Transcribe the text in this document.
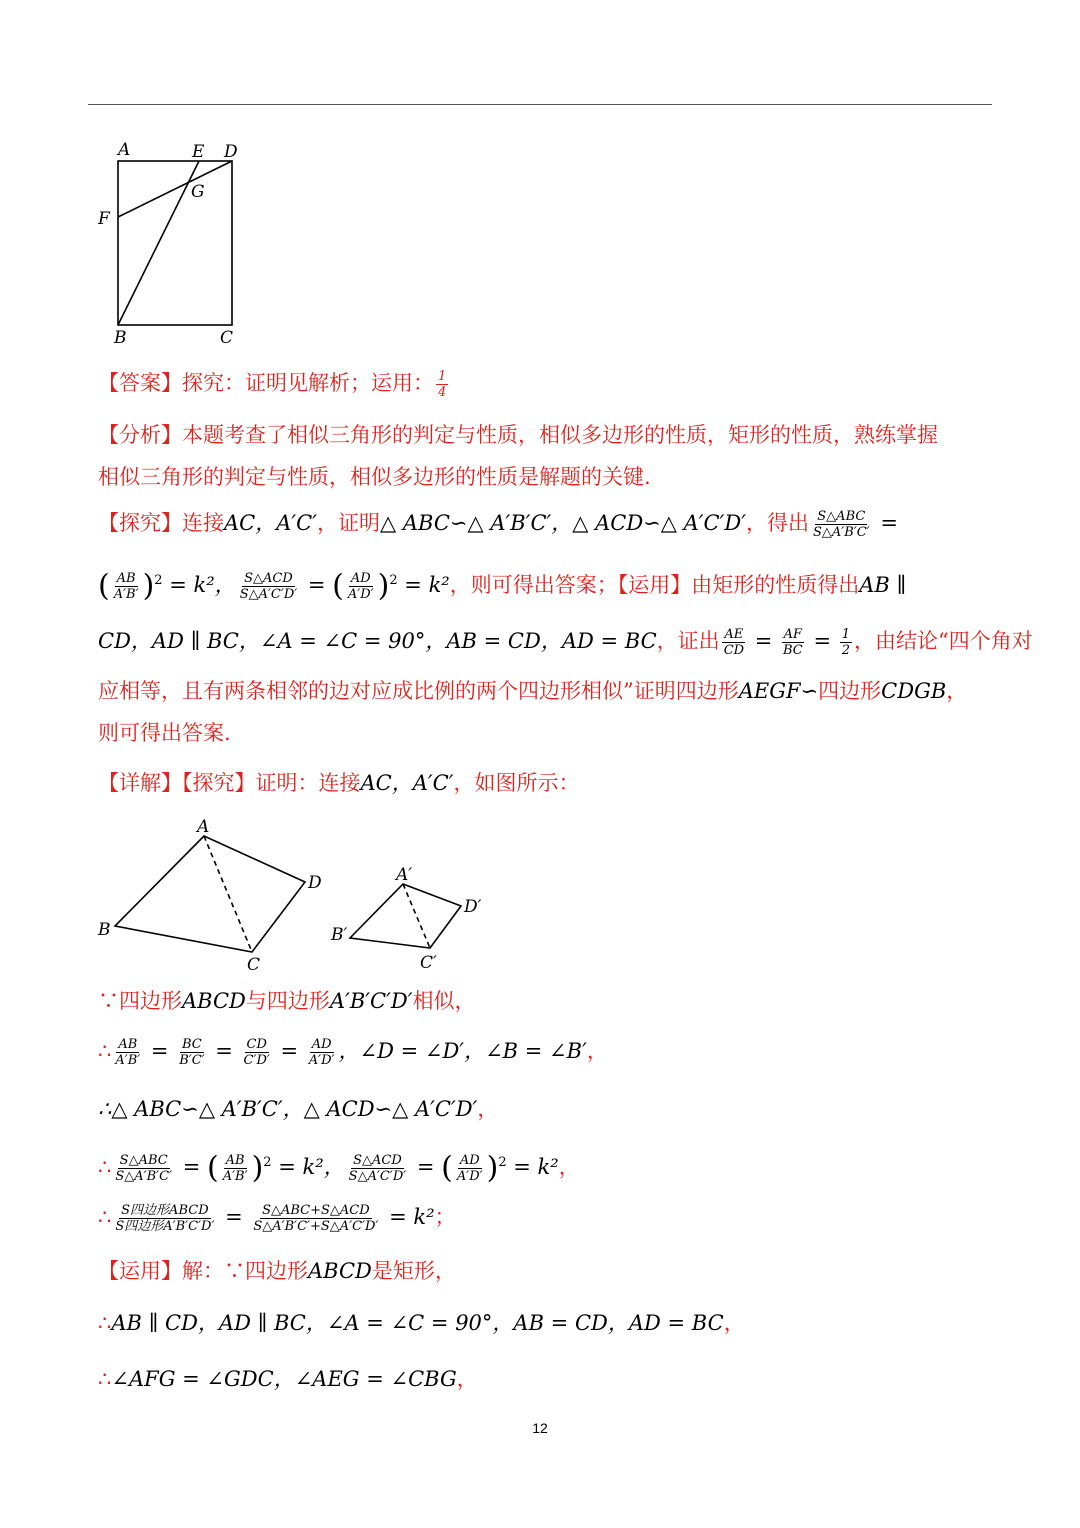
A	E D
G
F
B	C
【答案】探究：证明见解析；运用： $\frac{1}{4}$
【分析】本题考查了相似三角形的判定与性质，相似多边形的性质，矩形的性质，熟练掌握
相似三角形的判定与性质，相似多边形的性质是解题的关键.
【探究】连接AC，A′C′，证明△ ABC∽△ A′B′C′，△ ACD∽△ A′C′D′，得出 $\frac{\text{S△ABC}}{S\triangle A'B'C'}$ =
( $\frac{AB}{A'B'} )^2 = k^2$， $\frac{\text{S△ACD}}{S\triangle A'C'D'}$ = ( $\frac{AD}{A'D'} )^2 = k^2$，则可得出答案；【运用】由矩形的性质得出AB ∥
CD，AD ∥ BC，∠A = ∠C = 90°，AB = CD，AD = BC，证出 $\frac{AE}{CD} = \frac{AF}{BC} = \frac{1}{2}$ ，由结论“四个角对
应相等，且有两条相邻的边对应成比例的两个四边形相似”证明四边形AEGF∽四边形CDGB，
则可得出答案.
【详解】【探究】证明：连接AC，A′C′，如图所示：
A
D
B
C
A′
D′
B′
C′
∵四边形ABCD与四边形A′B′C′D′相似，
∴ $\frac{AB}{A'B'} = \frac{BC}{B'C'} = \frac{CD}{C'D'} = \frac{AD}{A'D'}$ ，∠D = ∠D′，∠B = ∠B′，
∴△ ABC∽△ A′B′C′，△ ACD∽△ A′C′D′，
∴ $\frac{\text{S△ABC}}{S\triangle A'B'C'}$ = ( $\frac{AB}{A'B'} )^2 = k^2$， $\frac{\text{S△ACD}}{S\triangle A'C'D'}$ = ( $\frac{AD}{A'D'} )^2 = k^2$，
∴ $\frac{\text{S四边形ABCD}}{\text{S四边形A′B′C′D′}} = \frac{\text{S△ABC+S△ACD}}{S\triangle A'B'C'+S\triangle A'C'D'} = k^2$；
【运用】解：∵四边形ABCD是矩形，
∴AB ∥ CD，AD ∥ BC，∠A = ∠C = 90°，AB = CD，AD = BC，
∴∠AFG = ∠GDC，∠AEG = ∠CBG，
12
